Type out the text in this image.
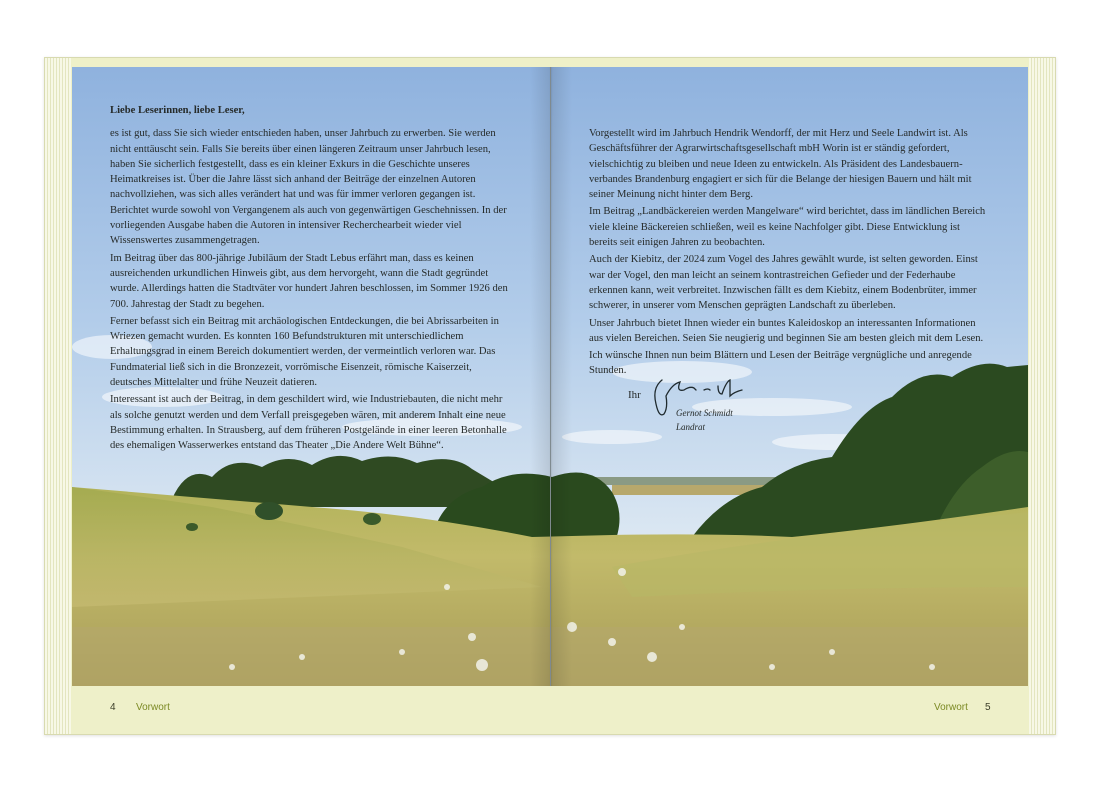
Liebe Leserinnen, liebe Leser,

es ist gut, dass Sie sich wieder entschieden haben, unser Jahrbuch zu erwerben. Sie werden nicht enttäuscht sein. Falls Sie bereits über einen längeren Zeitraum unser Jahrbuch lesen, haben Sie sicherlich festgestellt, dass es ein kleiner Exkurs in die Geschichte unseres Heimatkreises ist. Über die Jahre lässt sich anhand der Beiträge der einzelnen Autoren nachvollziehen, was sich alles verändert hat und was für immer verloren gegangen ist. Berichtet wurde sowohl von Vergangenem als auch von gegenwärtigen Geschehnissen. In der vorliegenden Ausgabe haben die Autoren in intensiver Recherchearbeit wieder viel Wissenswertes zusammengetragen.

Im Beitrag über das 800-jährige Jubiläum der Stadt Lebus erfährt man, dass es keinen ausreichenden urkundlichen Hinweis gibt, aus dem hervorgeht, wann die Stadt gegründet wurde. Allerdings hatten die Stadtväter vor hundert Jahren beschlossen, im Sommer 1926 den 700. Jahrestag der Stadt zu begehen.

Ferner befasst sich ein Beitrag mit archäologischen Entdeckungen, die bei Abrissarbeiten in Wriezen gemacht wurden. Es konnten 160 Befundstrukturen mit unterschiedlichem Erhaltungsgrad in einem Bereich dokumentiert werden, der vermeintlich verloren war. Das Fundmaterial ließ sich in die Bronzezeit, vorrömische Eisenzeit, römische Kaiserzeit, deutsches Mittelalter und frühe Neuzeit datieren.

Interessant ist auch der Beitrag, in dem geschildert wird, wie Industriebauten, die nicht mehr als solche genutzt werden und dem Verfall preisgegeben wären, mit anderem Inhalt eine neue Bestimmung erhalten. In Strausberg, auf dem früheren Postgelände in einer leeren Betonhalle des ehemaligen Wasserwerkes entstand das Theater „Die Andere Welt Bühne“.

Vorgestellt wird im Jahrbuch Hendrik Wendorff, der mit Herz und Seele Landwirt ist. Als Geschäftsführer der Agrarwirtschaftsgesellschaft mbH Worin ist er ständig gefordert, vielschichtig zu bleiben und neue Ideen zu entwickeln. Als Präsident des Landesbauernverbandes Brandenburg engagiert er sich für die Belange der hiesigen Bauern und hält mit seiner Meinung nicht hinter dem Berg.

Im Beitrag „Landbäckereien werden Mangelware“ wird berichtet, dass im ländlichen Bereich viele kleine Bäckereien schließen, weil es keine Nachfolger gibt. Diese Entwicklung ist bereits seit einigen Jahren zu beobachten.

Auch der Kiebitz, der 2024 zum Vogel des Jahres gewählt wurde, ist selten geworden. Einst war der Vogel, den man leicht an seinem kontrastreichen Gefieder und der Federhaube erkennen kann, weit verbreitet. Inzwischen fällt es dem Kiebitz, einem Bodenbrüter, immer schwerer, in unserer vom Menschen geprägten Landschaft zu überleben.

Unser Jahrbuch bietet Ihnen wieder ein buntes Kaleidoskop an interessanten Informationen aus vielen Bereichen. Seien Sie neugierig und beginnen Sie am besten gleich mit dem Lesen.

Ich wünsche Ihnen nun beim Blättern und Lesen der Beiträge vergnügliche und anregende Stunden.

Ihr
Gernot Schmidt
Landrat
4 Vorwort	Vorwort 5
